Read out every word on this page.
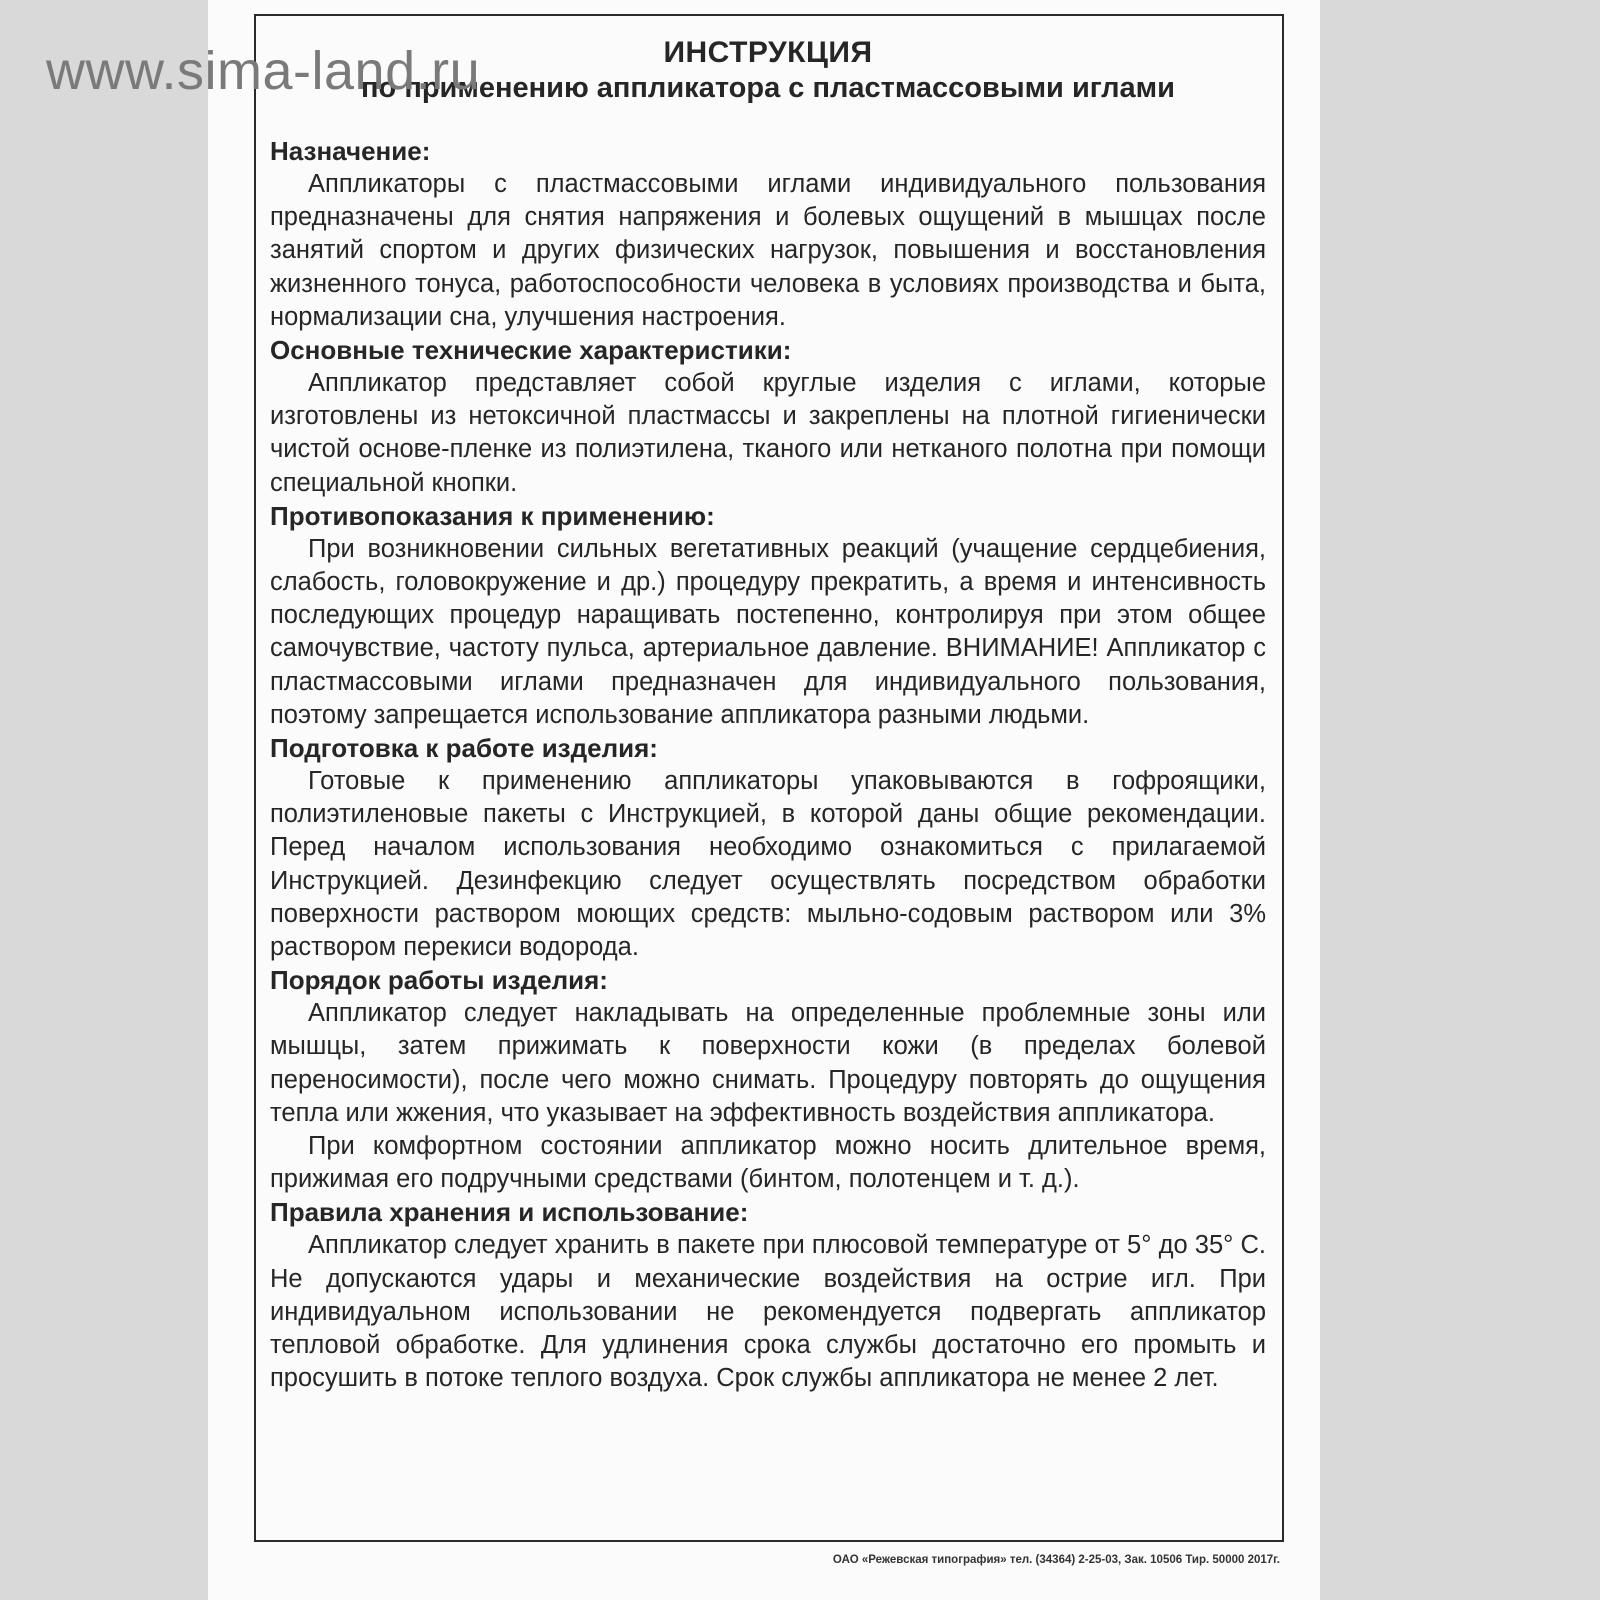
ИНСТРУКЦИЯ
по применению аппликатора с пластмассовыми иглами
Назначение:

Аппликаторы с пластмассовыми иглами индивидуального пользования предназначены для снятия напряжения и болевых ощущений в мышцах после занятий спортом и других физических нагрузок, повышения и восстановления жизненного тонуса, работоспособности человека в условиях производства и быта, нормализации сна, улучшения настроения.

Основные технические характеристики:

Аппликатор представляет собой круглые изделия с иглами, которые изготовлены из нетоксичной пластмассы и закреплены на плотной гигиенически чистой основе-пленке из полиэтилена, тканого или нетканого полотна при помощи специальной кнопки.

Противопоказания к применению:

При возникновении сильных вегетативных реакций (учащение сердцебиения, слабость, головокружение и др.) процедуру прекратить, а время и интенсивность последующих процедур наращивать постепенно, контролируя при этом общее самочувствие, частоту пульса, артериальное давление. ВНИМАНИЕ! Аппликатор с пластмассовыми иглами предназначен для индивидуального пользования, поэтому запрещается использование аппликатора разными людьми.

Подготовка к работе изделия:

Готовые к применению аппликаторы упаковываются в гофроящики, полиэтиленовые пакеты с Инструкцией, в которой даны общие рекомендации. Перед началом использования необходимо ознакомиться с прилагаемой Инструкцией. Дезинфекцию следует осуществлять посредством обработки поверхности раствором моющих средств: мыльно-содовым раствором или 3% раствором перекиси водорода.

Порядок работы изделия:

Аппликатор следует накладывать на определенные проблемные зоны или мышцы, затем прижимать к поверхности кожи (в пределах болевой переносимости), после чего можно снимать. Процедуру повторять до ощущения тепла или жжения, что указывает на эффективность воздействия аппликатора.

При комфортном состоянии аппликатор можно носить длительное время, прижимая его подручными средствами (бинтом, полотенцем и т. д.).

Правила хранения и использование:

Аппликатор следует хранить в пакете при плюсовой температуре от 5° до 35° С. Не допускаются удары и механические воздействия на острие игл. При индивидуальном использовании не рекомендуется подвергать аппликатор тепловой обработке. Для удлинения срока службы достаточно его промыть и просушить в потоке теплого воздуха. Срок службы аппликатора не менее 2 лет.

www.sima-land.ru
ОАО «Режевская типография» тел. (34364) 2-25-03, Зак. 10506 Тир. 50000 2017г.
